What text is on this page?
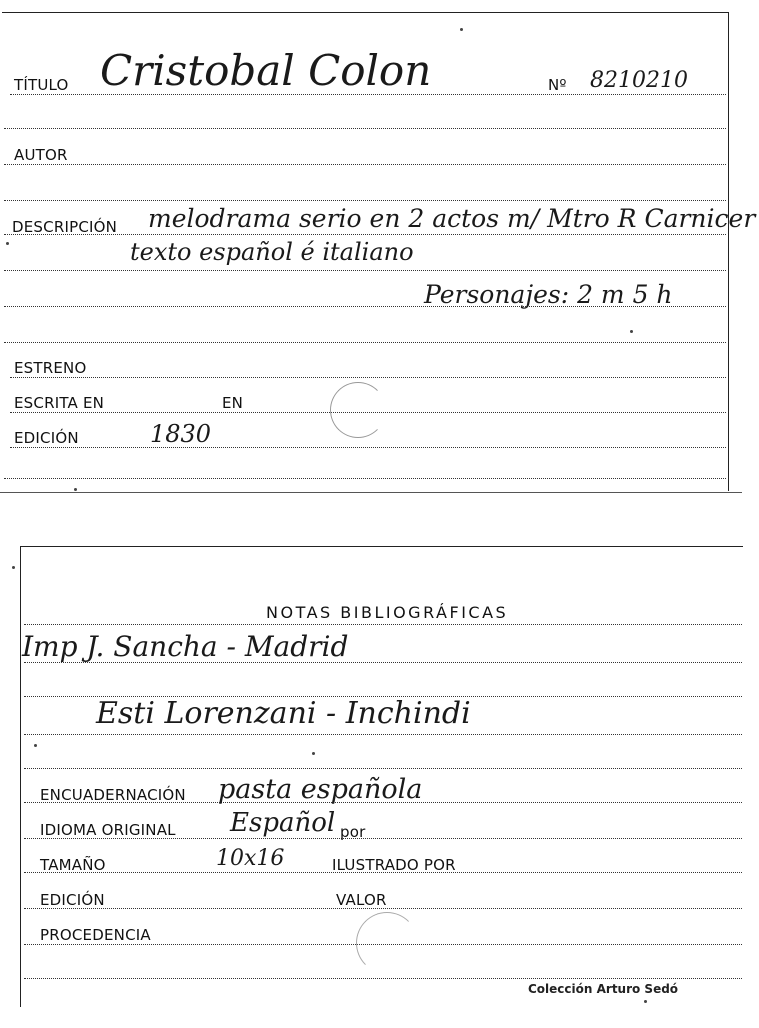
TÍTULO Cristobal Colon	Nº 8210210
AUTOR
DESCRIPCIÓN melodrama serio en 2 actos m/ Mtro R Carnicer
texto español é italiano
Personajes: 2 m 5 h
ESTRENO
ESCRITA EN	EN
EDICIÓN	1830
NOTAS BIBLIOGRÁFICAS
Imp J. Sancha - Madrid
Esti Lorenzani - Inchindi
ENCUADERNACIÓN pasta española
IDIOMA ORIGINAL Español por
TAMAÑO	10x16	ILUSTRADO POR
EDICIÓN	VALOR
PROCEDENCIA
Colección Arturo Sedó
